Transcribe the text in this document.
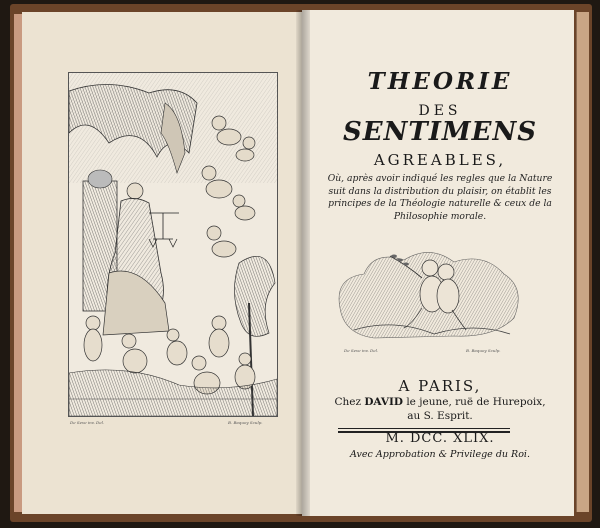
De Seve inv. Del.	B. Baquoy Sculp.

THEORIE

DES

SENTIMENS

AGREABLES,

Où, après avoir indiqué les regles que la Nature suit dans la distribution du plaisir, on établit les principes de la Théologie naturelle & ceux de la Philosophie morale.

De Seve inv. Del.	B. Baquoy Sculp.

A PARIS,

Chez DAVID le jeune, ruë de Hurepoix,

au S. Esprit.

M. DCC. XLIX.

Avec Approbation & Privilege du Roi.
